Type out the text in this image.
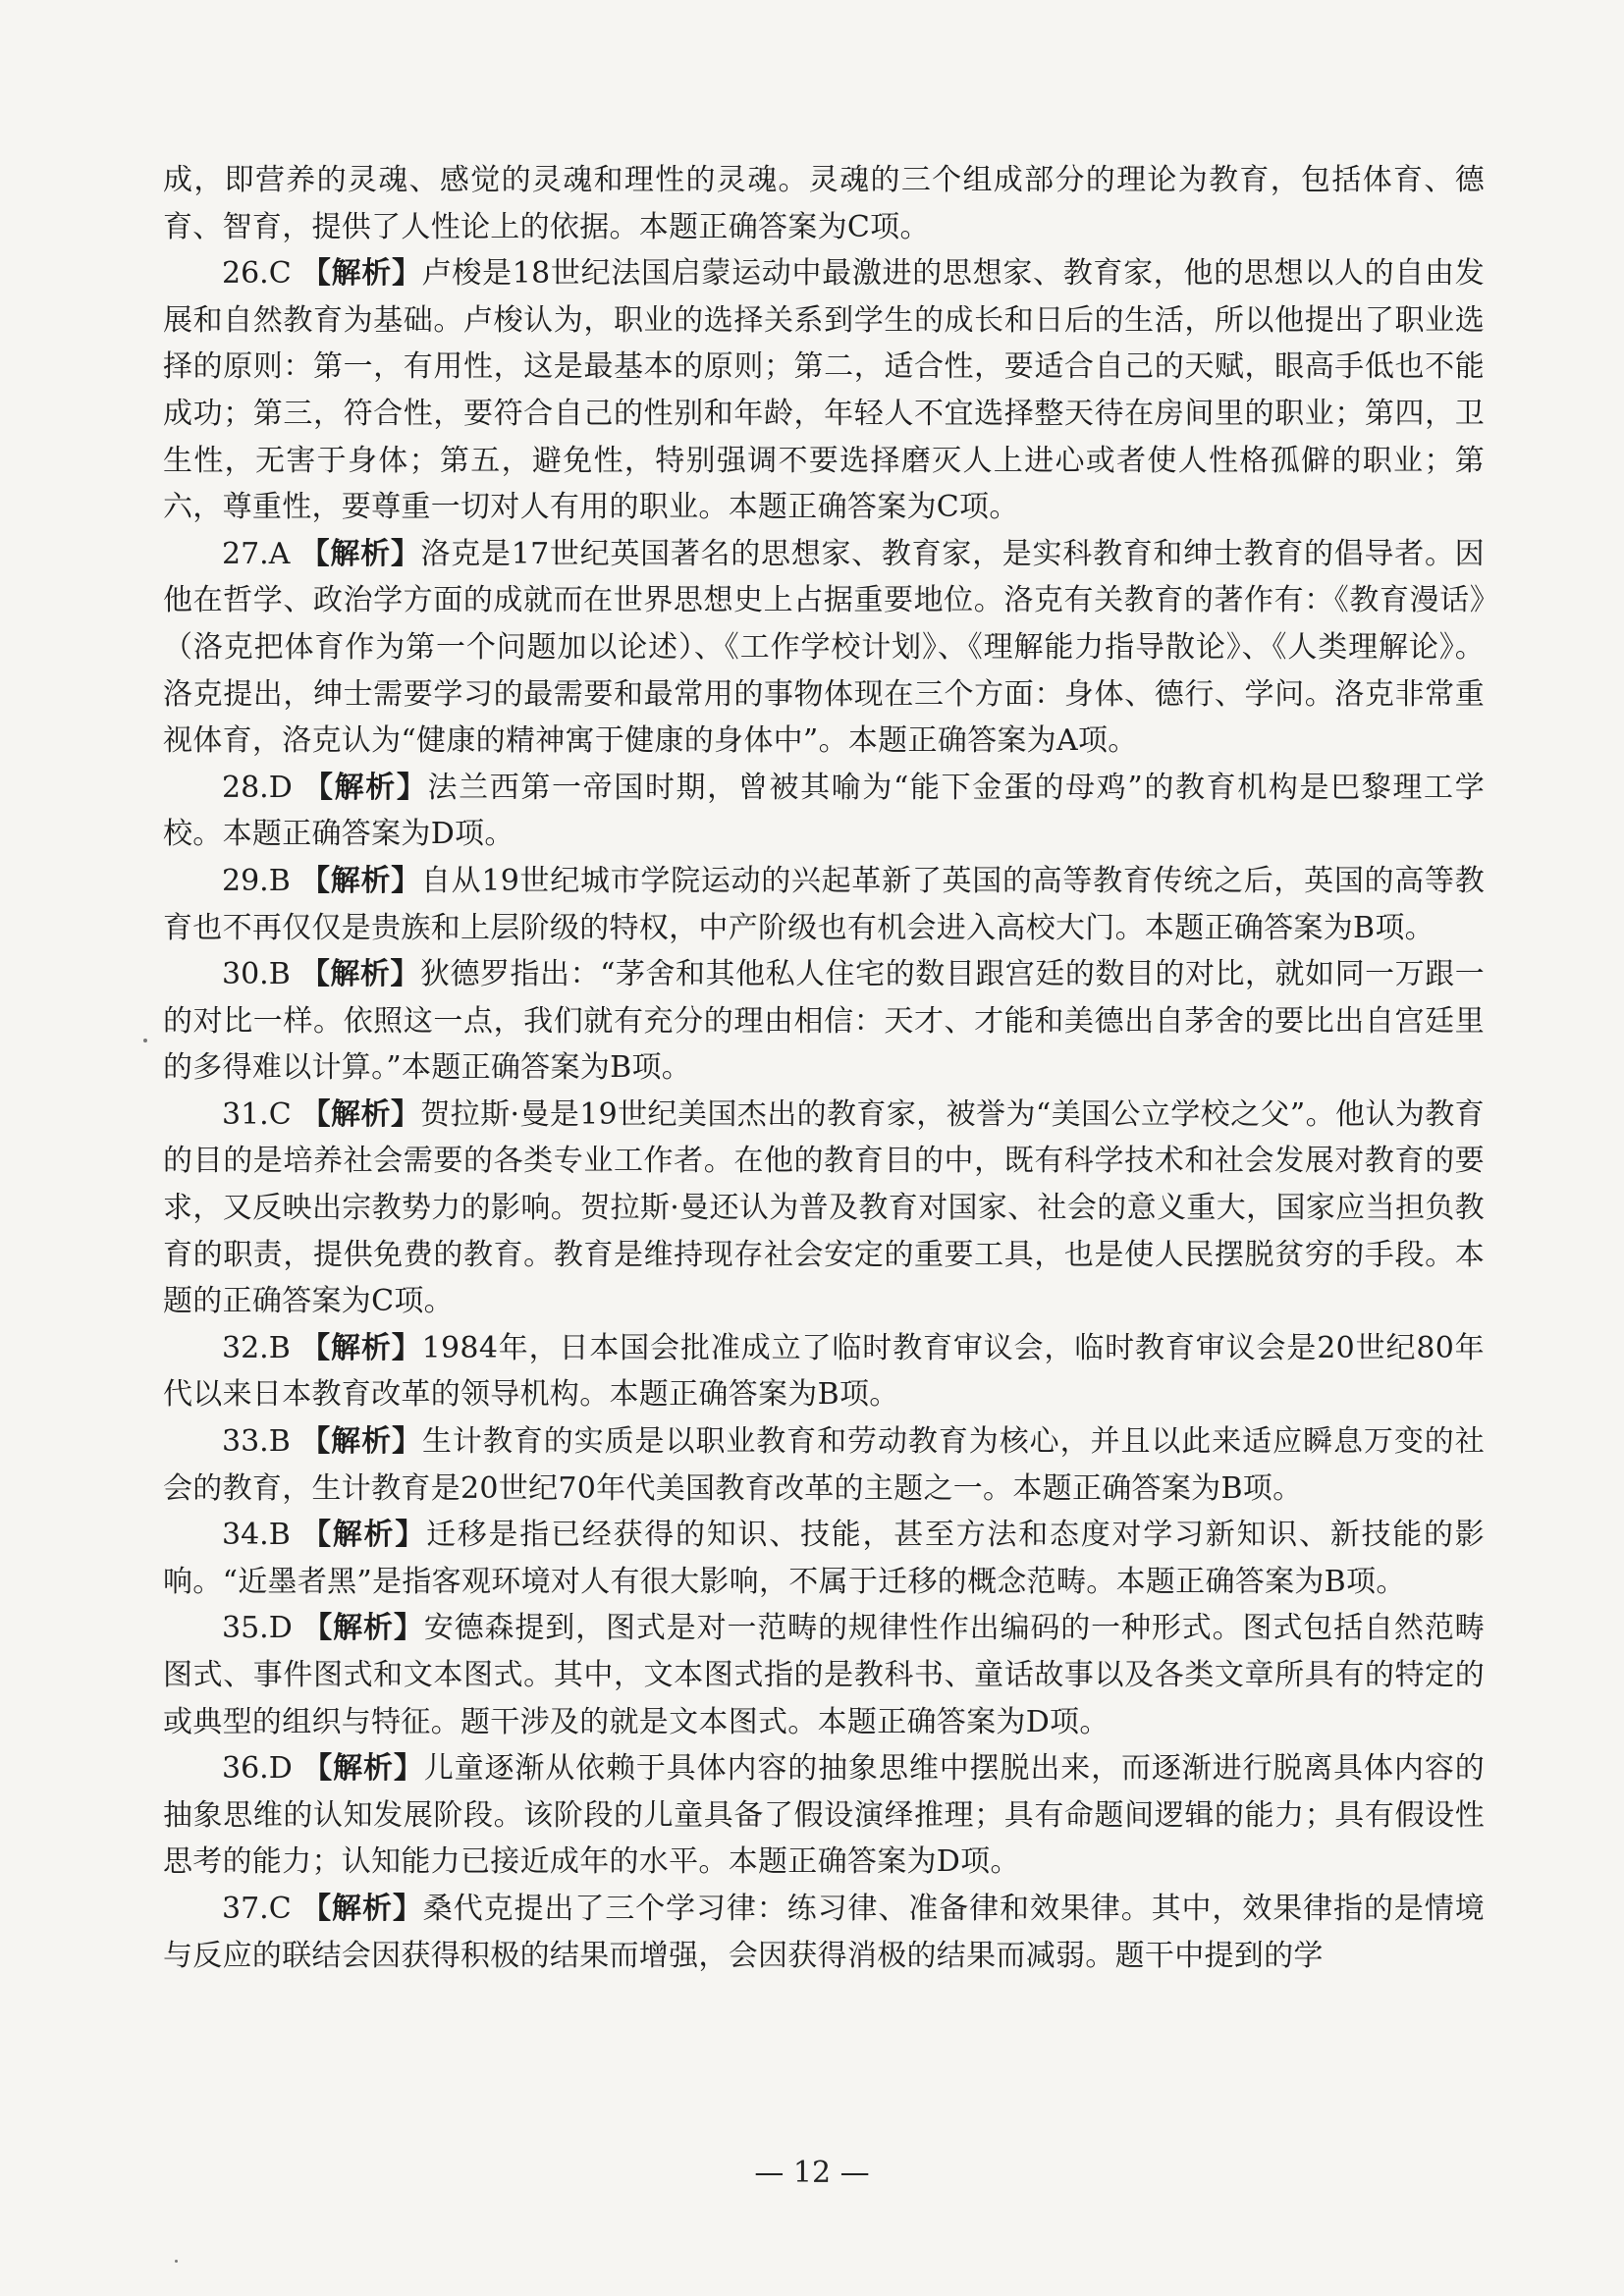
成，即营养的灵魂、感觉的灵魂和理性的灵魂。灵魂的三个组成部分的理论为教育，包括体育、德育、智育，提供了人性论上的依据。本题正确答案为C项。

26.C 【解析】卢梭是18世纪法国启蒙运动中最激进的思想家、教育家，他的思想以人的自由发展和自然教育为基础。卢梭认为，职业的选择关系到学生的成长和日后的生活，所以他提出了职业选择的原则：第一，有用性，这是最基本的原则；第二，适合性，要适合自己的天赋，眼高手低也不能成功；第三，符合性，要符合自己的性别和年龄，年轻人不宜选择整天待在房间里的职业；第四，卫生性，无害于身体；第五，避免性，特别强调不要选择磨灭人上进心或者使人性格孤僻的职业；第六，尊重性，要尊重一切对人有用的职业。本题正确答案为C项。

27.A 【解析】洛克是17世纪英国著名的思想家、教育家，是实科教育和绅士教育的倡导者。因他在哲学、政治学方面的成就而在世界思想史上占据重要地位。洛克有关教育的著作有：《教育漫话》（洛克把体育作为第一个问题加以论述）、《工作学校计划》、《理解能力指导散论》、《人类理解论》。洛克提出，绅士需要学习的最需要和最常用的事物体现在三个方面：身体、德行、学问。洛克非常重视体育，洛克认为“健康的精神寓于健康的身体中”。本题正确答案为A项。

28.D 【解析】法兰西第一帝国时期，曾被其喻为“能下金蛋的母鸡”的教育机构是巴黎理工学校。本题正确答案为D项。

29.B 【解析】自从19世纪城市学院运动的兴起革新了英国的高等教育传统之后，英国的高等教育也不再仅仅是贵族和上层阶级的特权，中产阶级也有机会进入高校大门。本题正确答案为B项。

30.B 【解析】狄德罗指出：“茅舍和其他私人住宅的数目跟宫廷的数目的对比，就如同一万跟一的对比一样。依照这一点，我们就有充分的理由相信：天才、才能和美德出自茅舍的要比出自宫廷里的多得难以计算。”本题正确答案为B项。

31.C 【解析】贺拉斯·曼是19世纪美国杰出的教育家，被誉为“美国公立学校之父”。他认为教育的目的是培养社会需要的各类专业工作者。在他的教育目的中，既有科学技术和社会发展对教育的要求，又反映出宗教势力的影响。贺拉斯·曼还认为普及教育对国家、社会的意义重大，国家应当担负教育的职责，提供免费的教育。教育是维持现存社会安定的重要工具，也是使人民摆脱贫穷的手段。本题的正确答案为C项。

32.B 【解析】1984年，日本国会批准成立了临时教育审议会，临时教育审议会是20世纪80年代以来日本教育改革的领导机构。本题正确答案为B项。

33.B 【解析】生计教育的实质是以职业教育和劳动教育为核心，并且以此来适应瞬息万变的社会的教育，生计教育是20世纪70年代美国教育改革的主题之一。本题正确答案为B项。

34.B 【解析】迁移是指已经获得的知识、技能，甚至方法和态度对学习新知识、新技能的影响。“近墨者黑”是指客观环境对人有很大影响，不属于迁移的概念范畴。本题正确答案为B项。

35.D 【解析】安德森提到，图式是对一范畴的规律性作出编码的一种形式。图式包括自然范畴图式、事件图式和文本图式。其中，文本图式指的是教科书、童话故事以及各类文章所具有的特定的或典型的组织与特征。题干涉及的就是文本图式。本题正确答案为D项。

36.D 【解析】儿童逐渐从依赖于具体内容的抽象思维中摆脱出来，而逐渐进行脱离具体内容的抽象思维的认知发展阶段。该阶段的儿童具备了假设演绎推理；具有命题间逻辑的能力；具有假设性思考的能力；认知能力已接近成年的水平。本题正确答案为D项。

37.C 【解析】桑代克提出了三个学习律：练习律、准备律和效果律。其中，效果律指的是情境与反应的联结会因获得积极的结果而增强，会因获得消极的结果而减弱。题干中提到的学

— 12 —
